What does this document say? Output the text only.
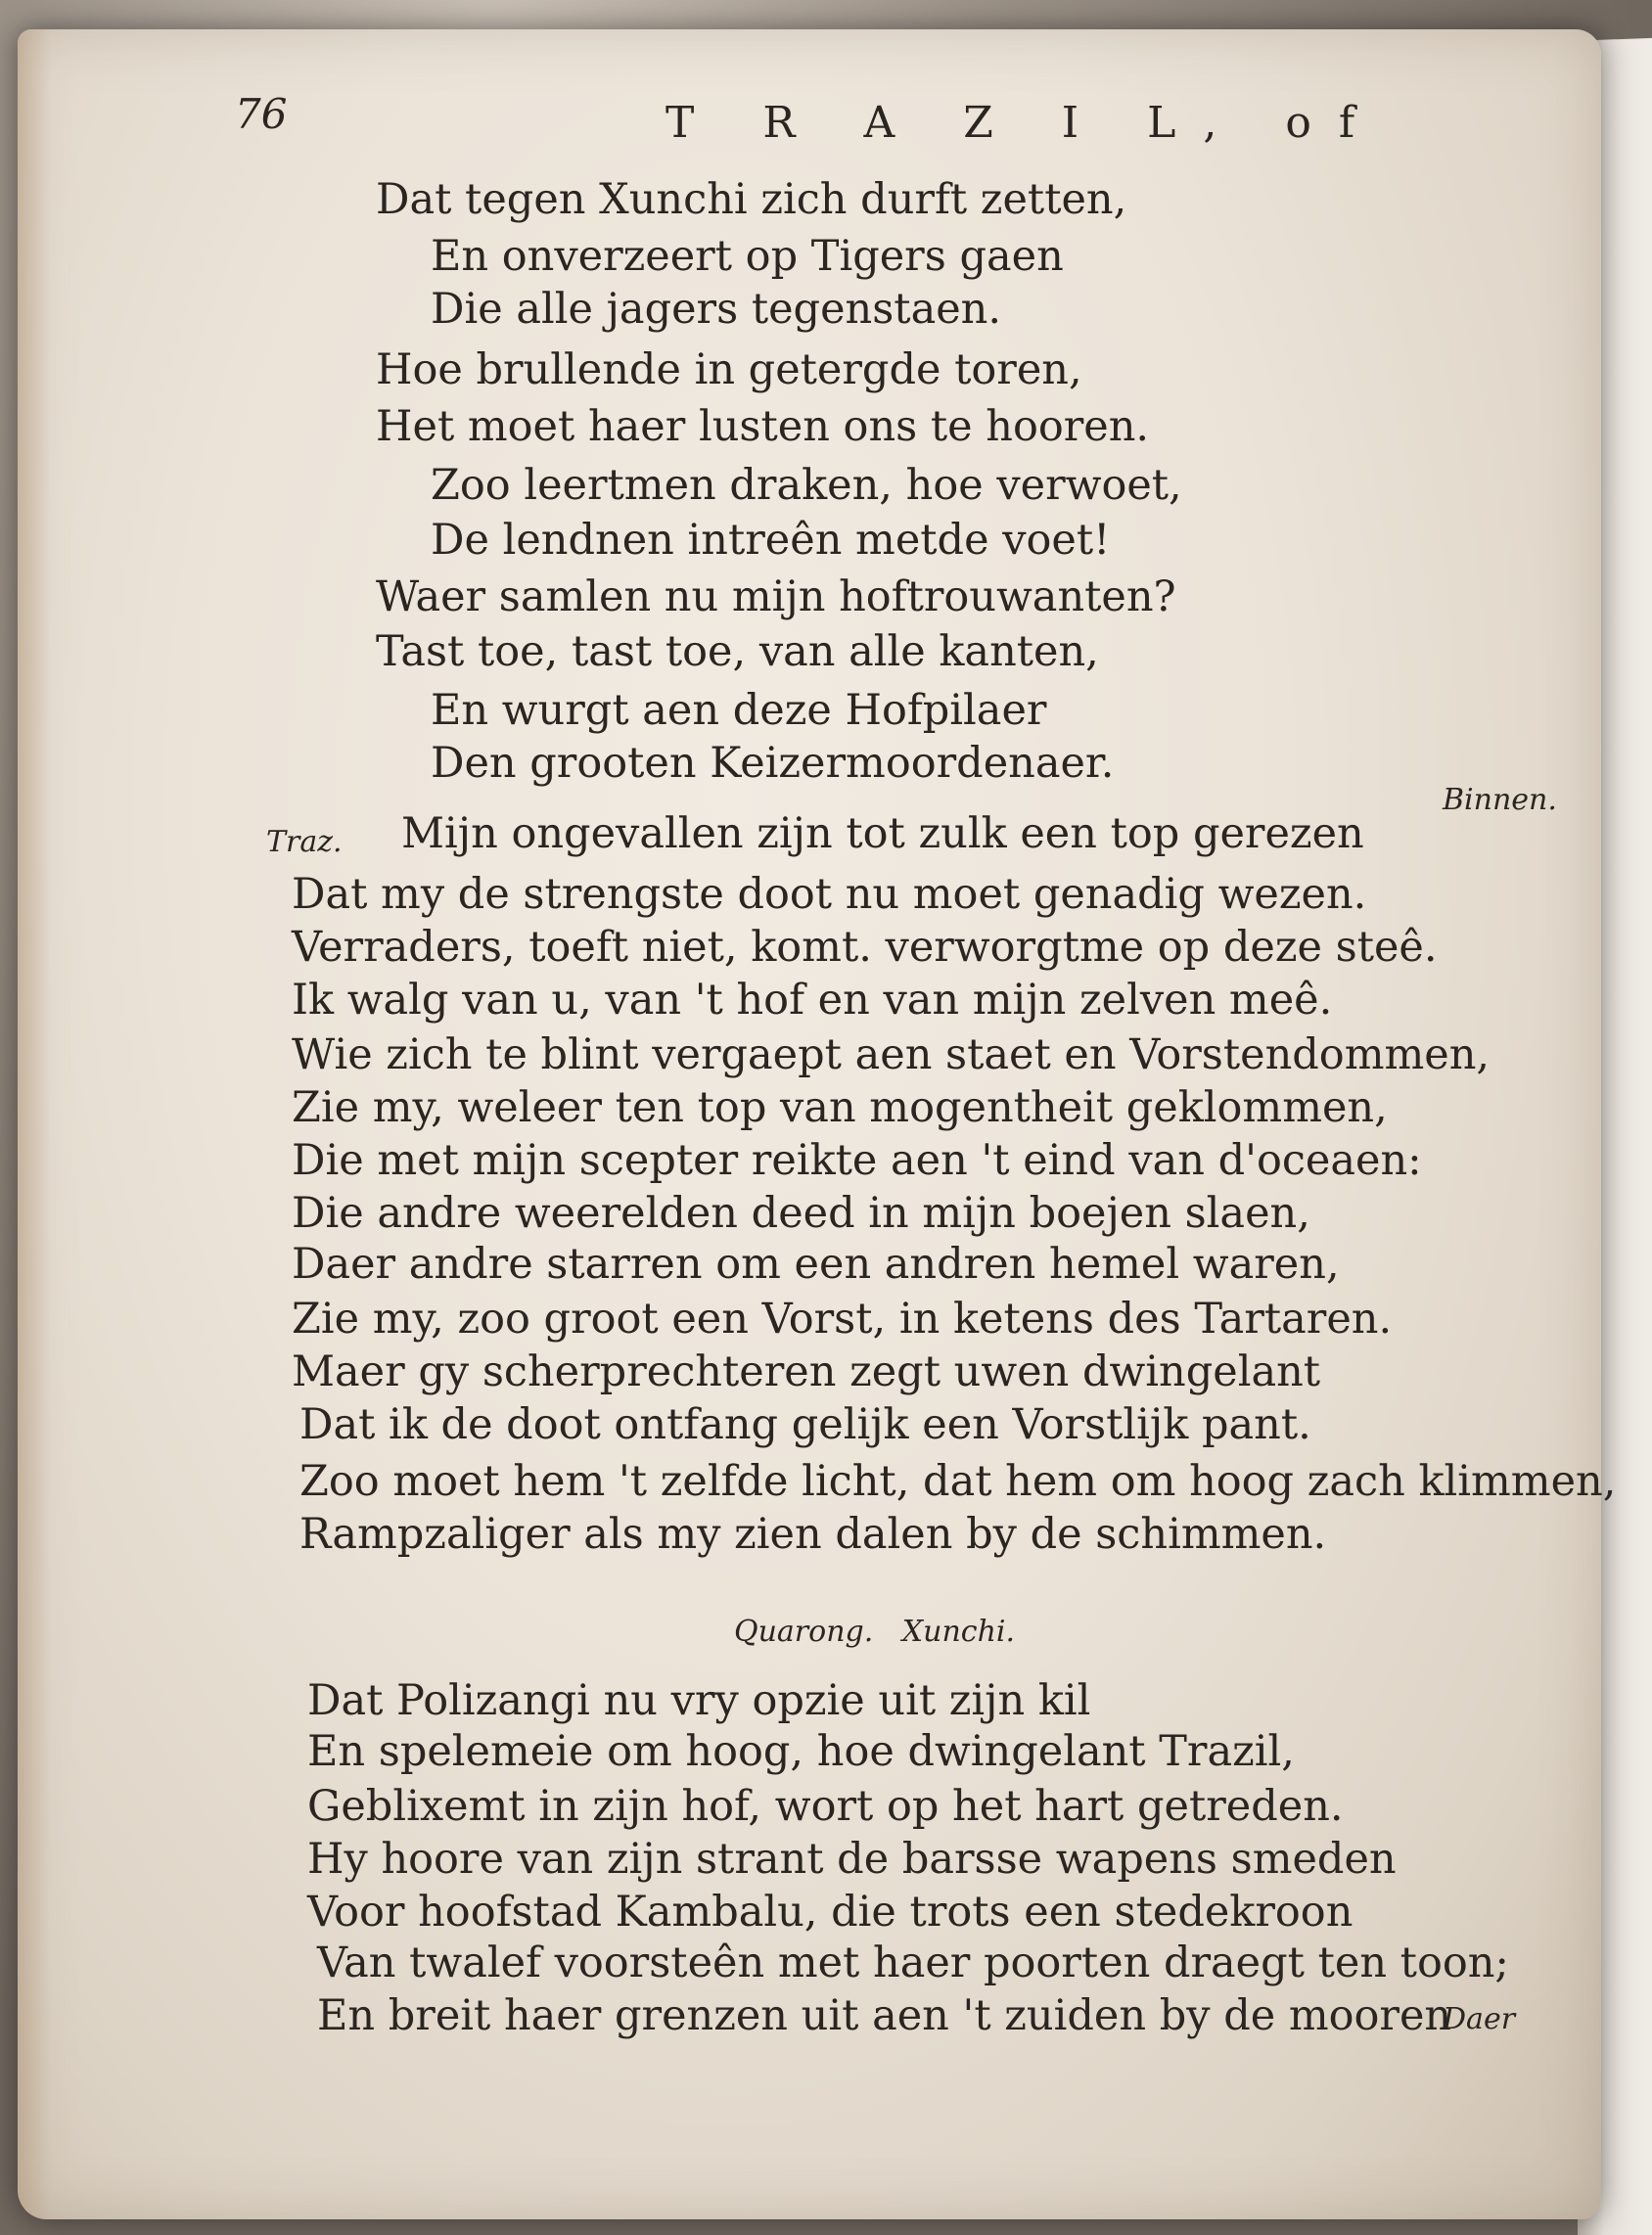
76	T R A Z I L, of
Dat tegen Xunchi zich durft zetten,
En onverzeert op Tigers gaen
Die alle jagers tegenstaen.
Hoe brullende in getergde toren,
Het moet haer lusten ons te hooren.
Zoo leertmen draken, hoe verwoet,
De lendnen intreên metde voet!
Waer samlen nu mijn hoftrouwanten?
Tast toe, tast toe, van alle kanten,
En wurgt aen deze Hofpilaer
Den grooten Keizermoordenaer.
Mijn ongevallen zijn tot zulk een top gerezen
Dat my de strengste doot nu moet genadig wezen.
Verraders, toeft niet, komt. verworgtme op deze steê.
Ik walg van u, van 't hof en van mijn zelven meê.
Wie zich te blint vergaept aen staet en Vorstendommen,
Zie my, weleer ten top van mogentheit geklommen,
Die met mijn scepter reikte aen 't eind van d'oceaen:
Die andre weerelden deed in mijn boejen slaen,
Daer andre starren om een andren hemel waren,
Zie my, zoo groot een Vorst, in ketens des Tartaren.
Maer gy scherprechteren zegt uwen dwingelant
Dat ik de doot ontfang gelijk een Vorstlijk pant.
Zoo moet hem 't zelfde licht, dat hem om hoog zach klimmen,
Rampzaliger als my zien dalen by de schimmen.
Dat Polizangi nu vry opzie uit zijn kil
En spelemeie om hoog, hoe dwingelant Trazil,
Geblixemt in zijn hof, wort op het hart getreden.
Hy hoore van zijn strant de barsse wapens smeden
Voor hoofstad Kambalu, die trots een stedekroon
Van twalef voorsteên met haer poorten draegt ten toon;
En breit haer grenzen uit aen 't zuiden by de mooren
Binnen.
Traz.
Quarong. Xunchi.
Daer
